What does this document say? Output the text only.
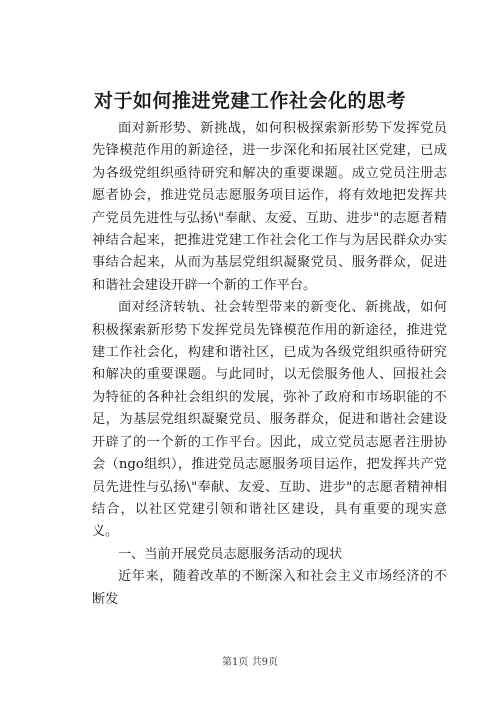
对于如何推进党建工作社会化的思考

面对新形势、新挑战，如何积极探索新形势下发挥党员先锋模范作用的新途径，进一步深化和拓展社区党建，已成为各级党组织亟待研究和解决的重要课题。成立党员注册志愿者协会，推进党员志愿服务项目运作，将有效地把发挥共产党员先进性与弘扬\"奉献、友爱、互助、进步"的志愿者精神结合起来，把推进党建工作社会化工作与为居民群众办实事结合起来，从而为基层党组织凝聚党员、服务群众，促进和谐社会建设开辟一个新的工作平台。

面对经济转轨、社会转型带来的新变化、新挑战，如何积极探索新形势下发挥党员先锋模范作用的新途径，推进党建工作社会化，构建和谐社区，已成为各级党组织亟待研究和解决的重要课题。与此同时，以无偿服务他人、回报社会为特征的各种社会组织的发展，弥补了政府和市场职能的不足，为基层党组织凝聚党员、服务群众，促进和谐社会建设开辟了的一个新的工作平台。因此，成立党员志愿者注册协会（ngo组织），推进党员志愿服务项目运作，把发挥共产党员先进性与弘扬\"奉献、友爱、互助、进步"的志愿者精神相结合，以社区党建引领和谐社区建设，具有重要的现实意义。

一、当前开展党员志愿服务活动的现状

近年来，随着改革的不断深入和社会主义市场经济的不断发

第1页 共9页
